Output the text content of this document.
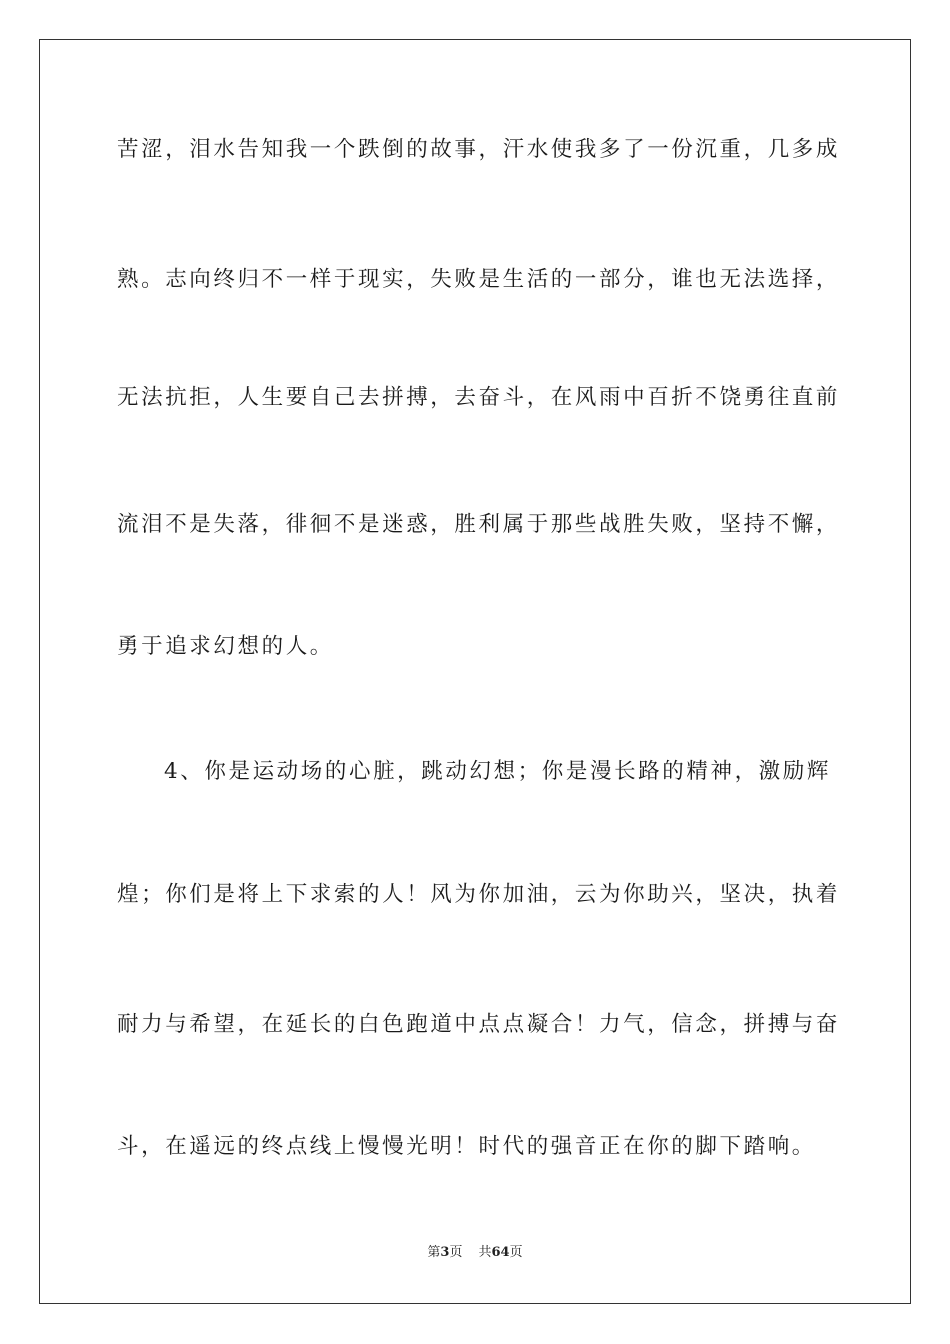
苦涩，泪水告知我一个跌倒的故事，汗水使我多了一份沉重，几多成
熟。志向终归不一样于现实，失败是生活的一部分，谁也无法选择，
无法抗拒，人生要自己去拼搏，去奋斗，在风雨中百折不饶勇往直前
流泪不是失落，徘徊不是迷惑，胜利属于那些战胜失败，坚持不懈，
勇于追求幻想的人。
4、你是运动场的心脏，跳动幻想；你是漫长路的精神，激励辉
煌；你们是将上下求索的人！风为你加油，云为你助兴，坚决，执着
耐力与希望，在延长的白色跑道中点点凝合！力气，信念，拼搏与奋
斗，在遥远的终点线上慢慢光明！时代的强音正在你的脚下踏响。
第3页 共64页
